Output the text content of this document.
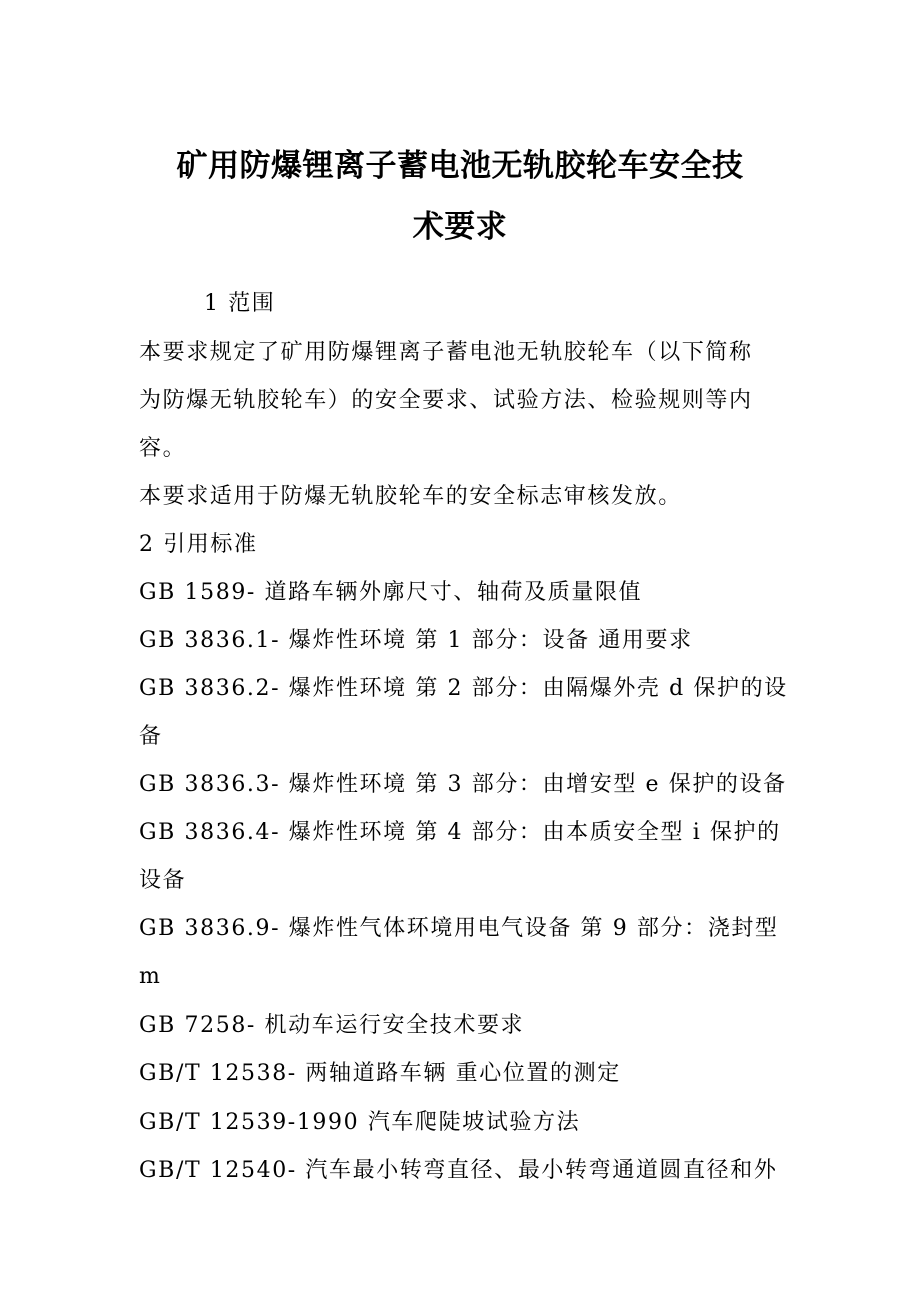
矿用防爆锂离子蓄电池无轨胶轮车安全技
术要求
1 范围
本要求规定了矿用防爆锂离子蓄电池无轨胶轮车（以下简称
为防爆无轨胶轮车）的安全要求、试验方法、检验规则等内
容。
本要求适用于防爆无轨胶轮车的安全标志审核发放。
2 引用标准
GB 1589- 道路车辆外廓尺寸、轴荷及质量限值
GB 3836.1- 爆炸性环境 第 1 部分：设备 通用要求
GB 3836.2- 爆炸性环境 第 2 部分：由隔爆外壳 d 保护的设
备
GB 3836.3- 爆炸性环境 第 3 部分：由增安型 e 保护的设备
GB 3836.4- 爆炸性环境 第 4 部分：由本质安全型 i 保护的
设备
GB 3836.9- 爆炸性气体环境用电气设备 第 9 部分：浇封型
m
GB 7258- 机动车运行安全技术要求
GB/T 12538- 两轴道路车辆 重心位置的测定
GB/T 12539-1990 汽车爬陡坡试验方法
GB/T 12540- 汽车最小转弯直径、最小转弯通道圆直径和外
